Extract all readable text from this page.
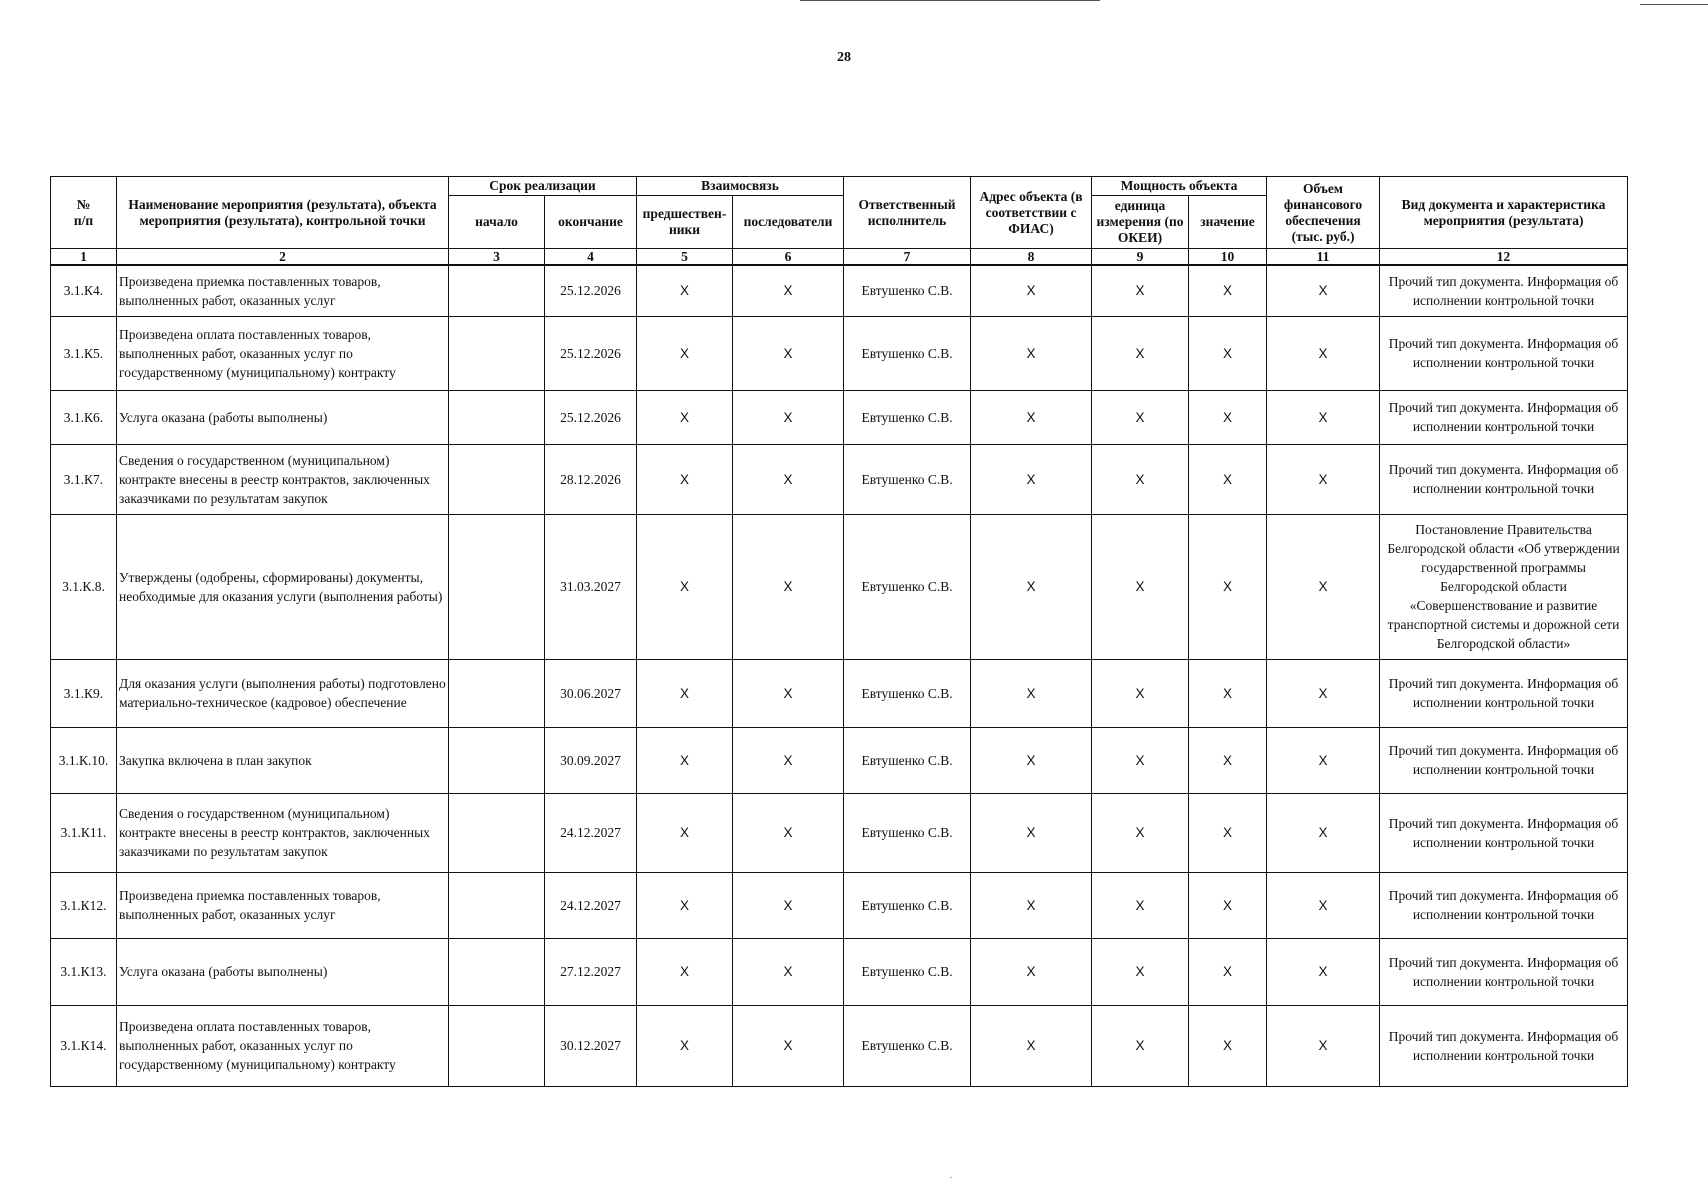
28
№
п/п	Наименование мероприятия (результата), объекта мероприятия (результата), контрольной точки	Срок реализации		Взаимосвязь		Ответственный исполнитель	Адрес объекта (в соответствии с ФИАС)	Мощность объекта		Объем финансового обеспечения (тыс. руб.)	Вид документа и характеристика мероприятия (результата)
		начало	окончание	предшествен-ники	последователи			единица измерения (по ОКЕИ)	значение		
1	2	3	4	5	6	7	8	9	10	11	12
3.1.К4.	Произведена приемка поставленных товаров, выполненных работ, оказанных услуг		25.12.2026	Х	Х	Евтушенко С.В.	Х	Х	Х	Х	Прочий тип документа. Информация об исполнении контрольной точки
3.1.К5.	Произведена оплата поставленных товаров, выполненных работ, оказанных услуг по государственному (муниципальному) контракту		25.12.2026	Х	Х	Евтушенко С.В.	Х	Х	Х	Х	Прочий тип документа. Информация об исполнении контрольной точки
3.1.К6.	Услуга оказана (работы выполнены)		25.12.2026	Х	Х	Евтушенко С.В.	Х	Х	Х	Х	Прочий тип документа. Информация об исполнении контрольной точки
3.1.К7.	Сведения о государственном (муниципальном) контракте внесены в реестр контрактов, заключенных заказчиками по результатам закупок		28.12.2026	Х	Х	Евтушенко С.В.	Х	Х	Х	Х	Прочий тип документа. Информация об исполнении контрольной точки
3.1.К.8.	Утверждены (одобрены, сформированы) документы, необходимые для оказания услуги (выполнения работы)		31.03.2027	Х	Х	Евтушенко С.В.	Х	Х	Х	Х	Постановление Правительства Белгородской области «Об утверждении государственной программы Белгородской области «Совершенствование и развитие транспортной системы и дорожной сети Белгородской области»
3.1.К9.	Для оказания услуги (выполнения работы) подготовлено материально-техническое (кадровое) обеспечение		30.06.2027	Х	Х	Евтушенко С.В.	Х	Х	Х	Х	Прочий тип документа. Информация об исполнении контрольной точки
3.1.К.10.	Закупка включена в план закупок		30.09.2027	Х	Х	Евтушенко С.В.	Х	Х	Х	Х	Прочий тип документа. Информация об исполнении контрольной точки
3.1.К11.	Сведения о государственном (муниципальном) контракте внесены в реестр контрактов, заключенных заказчиками по результатам закупок		24.12.2027	Х	Х	Евтушенко С.В.	Х	Х	Х	Х	Прочий тип документа. Информация об исполнении контрольной точки
3.1.К12.	Произведена приемка поставленных товаров, выполненных работ, оказанных услуг		24.12.2027	Х	Х	Евтушенко С.В.	Х	Х	Х	Х	Прочий тип документа. Информация об исполнении контрольной точки
3.1.К13.	Услуга оказана (работы выполнены)		27.12.2027	Х	Х	Евтушенко С.В.	Х	Х	Х	Х	Прочий тип документа. Информация об исполнении контрольной точки
3.1.К14.	Произведена оплата поставленных товаров, выполненных работ, оказанных услуг по государственному (муниципальному) контракту		30.12.2027	Х	Х	Евтушенко С.В.	Х	Х	Х	Х	Прочий тип документа. Информация об исполнении контрольной точки
